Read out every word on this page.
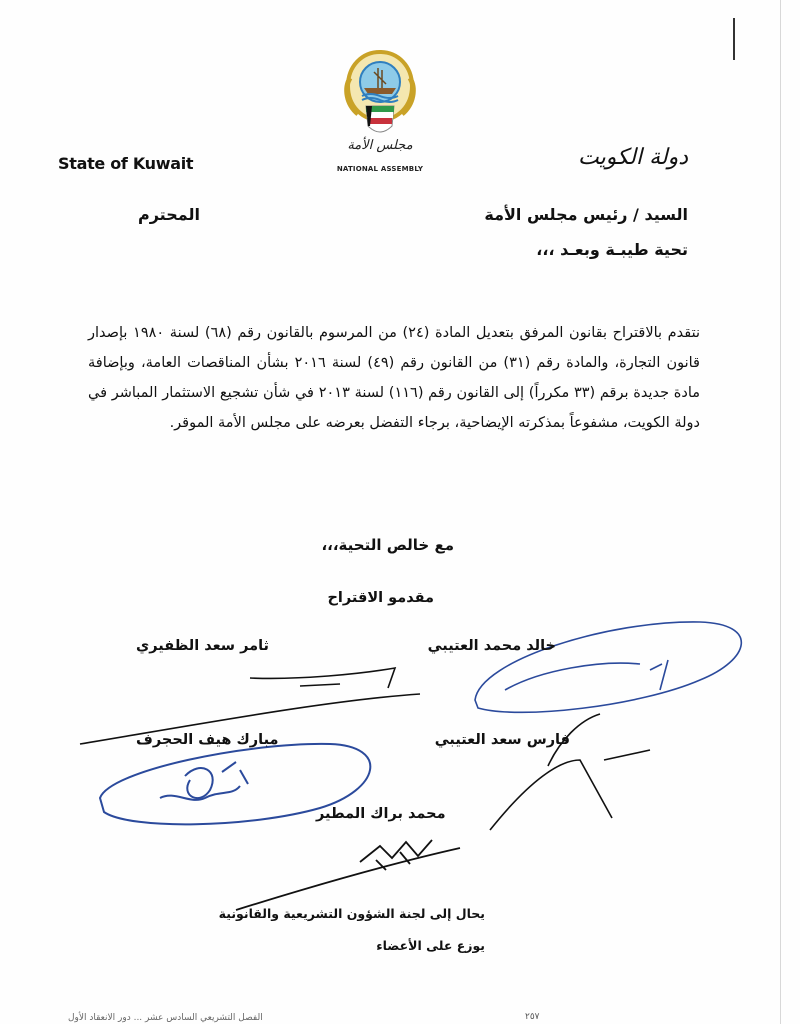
مجلس الأمة
NATIONAL ASSEMBLY
State of Kuwait	دولة الكويت
السيد / رئيس مجلس الأمة
المحترم
تحية طيبـة وبعـد ،،،
نتقدم بالاقتراح بقانون المرفق بتعديل المادة (٢٤) من المرسوم بالقانون رقم (٦٨) لسنة ١٩٨٠ بإصدار قانون التجارة، والمادة رقم (٣١) من القانون رقم (٤٩) لسنة ٢٠١٦ بشأن المناقصات العامة، وبإضافة مادة جديدة برقم (٣٣ مكرراً) إلى القانون رقم (١١٦) لسنة ٢٠١٣ في شأن تشجيع الاستثمار المباشر في دولة الكويت، مشفوعاً بمذكرته الإيضاحية، برجاء التفضل بعرضه على مجلس الأمة الموقر.
مع خالص التحية،،،
مقدمو الاقتراح
خالد محمد العتيبي
ثامر سعد الظفيري
فارس سعد العتيبي
مبارك هيف الحجرف
محمد براك المطير
يحال إلى لجنة الشؤون التشريعية والقانونية
يوزع على الأعضاء
الفصل التشريعي السادس عشر ... دور الانعقاد الأول	٢٥٧
